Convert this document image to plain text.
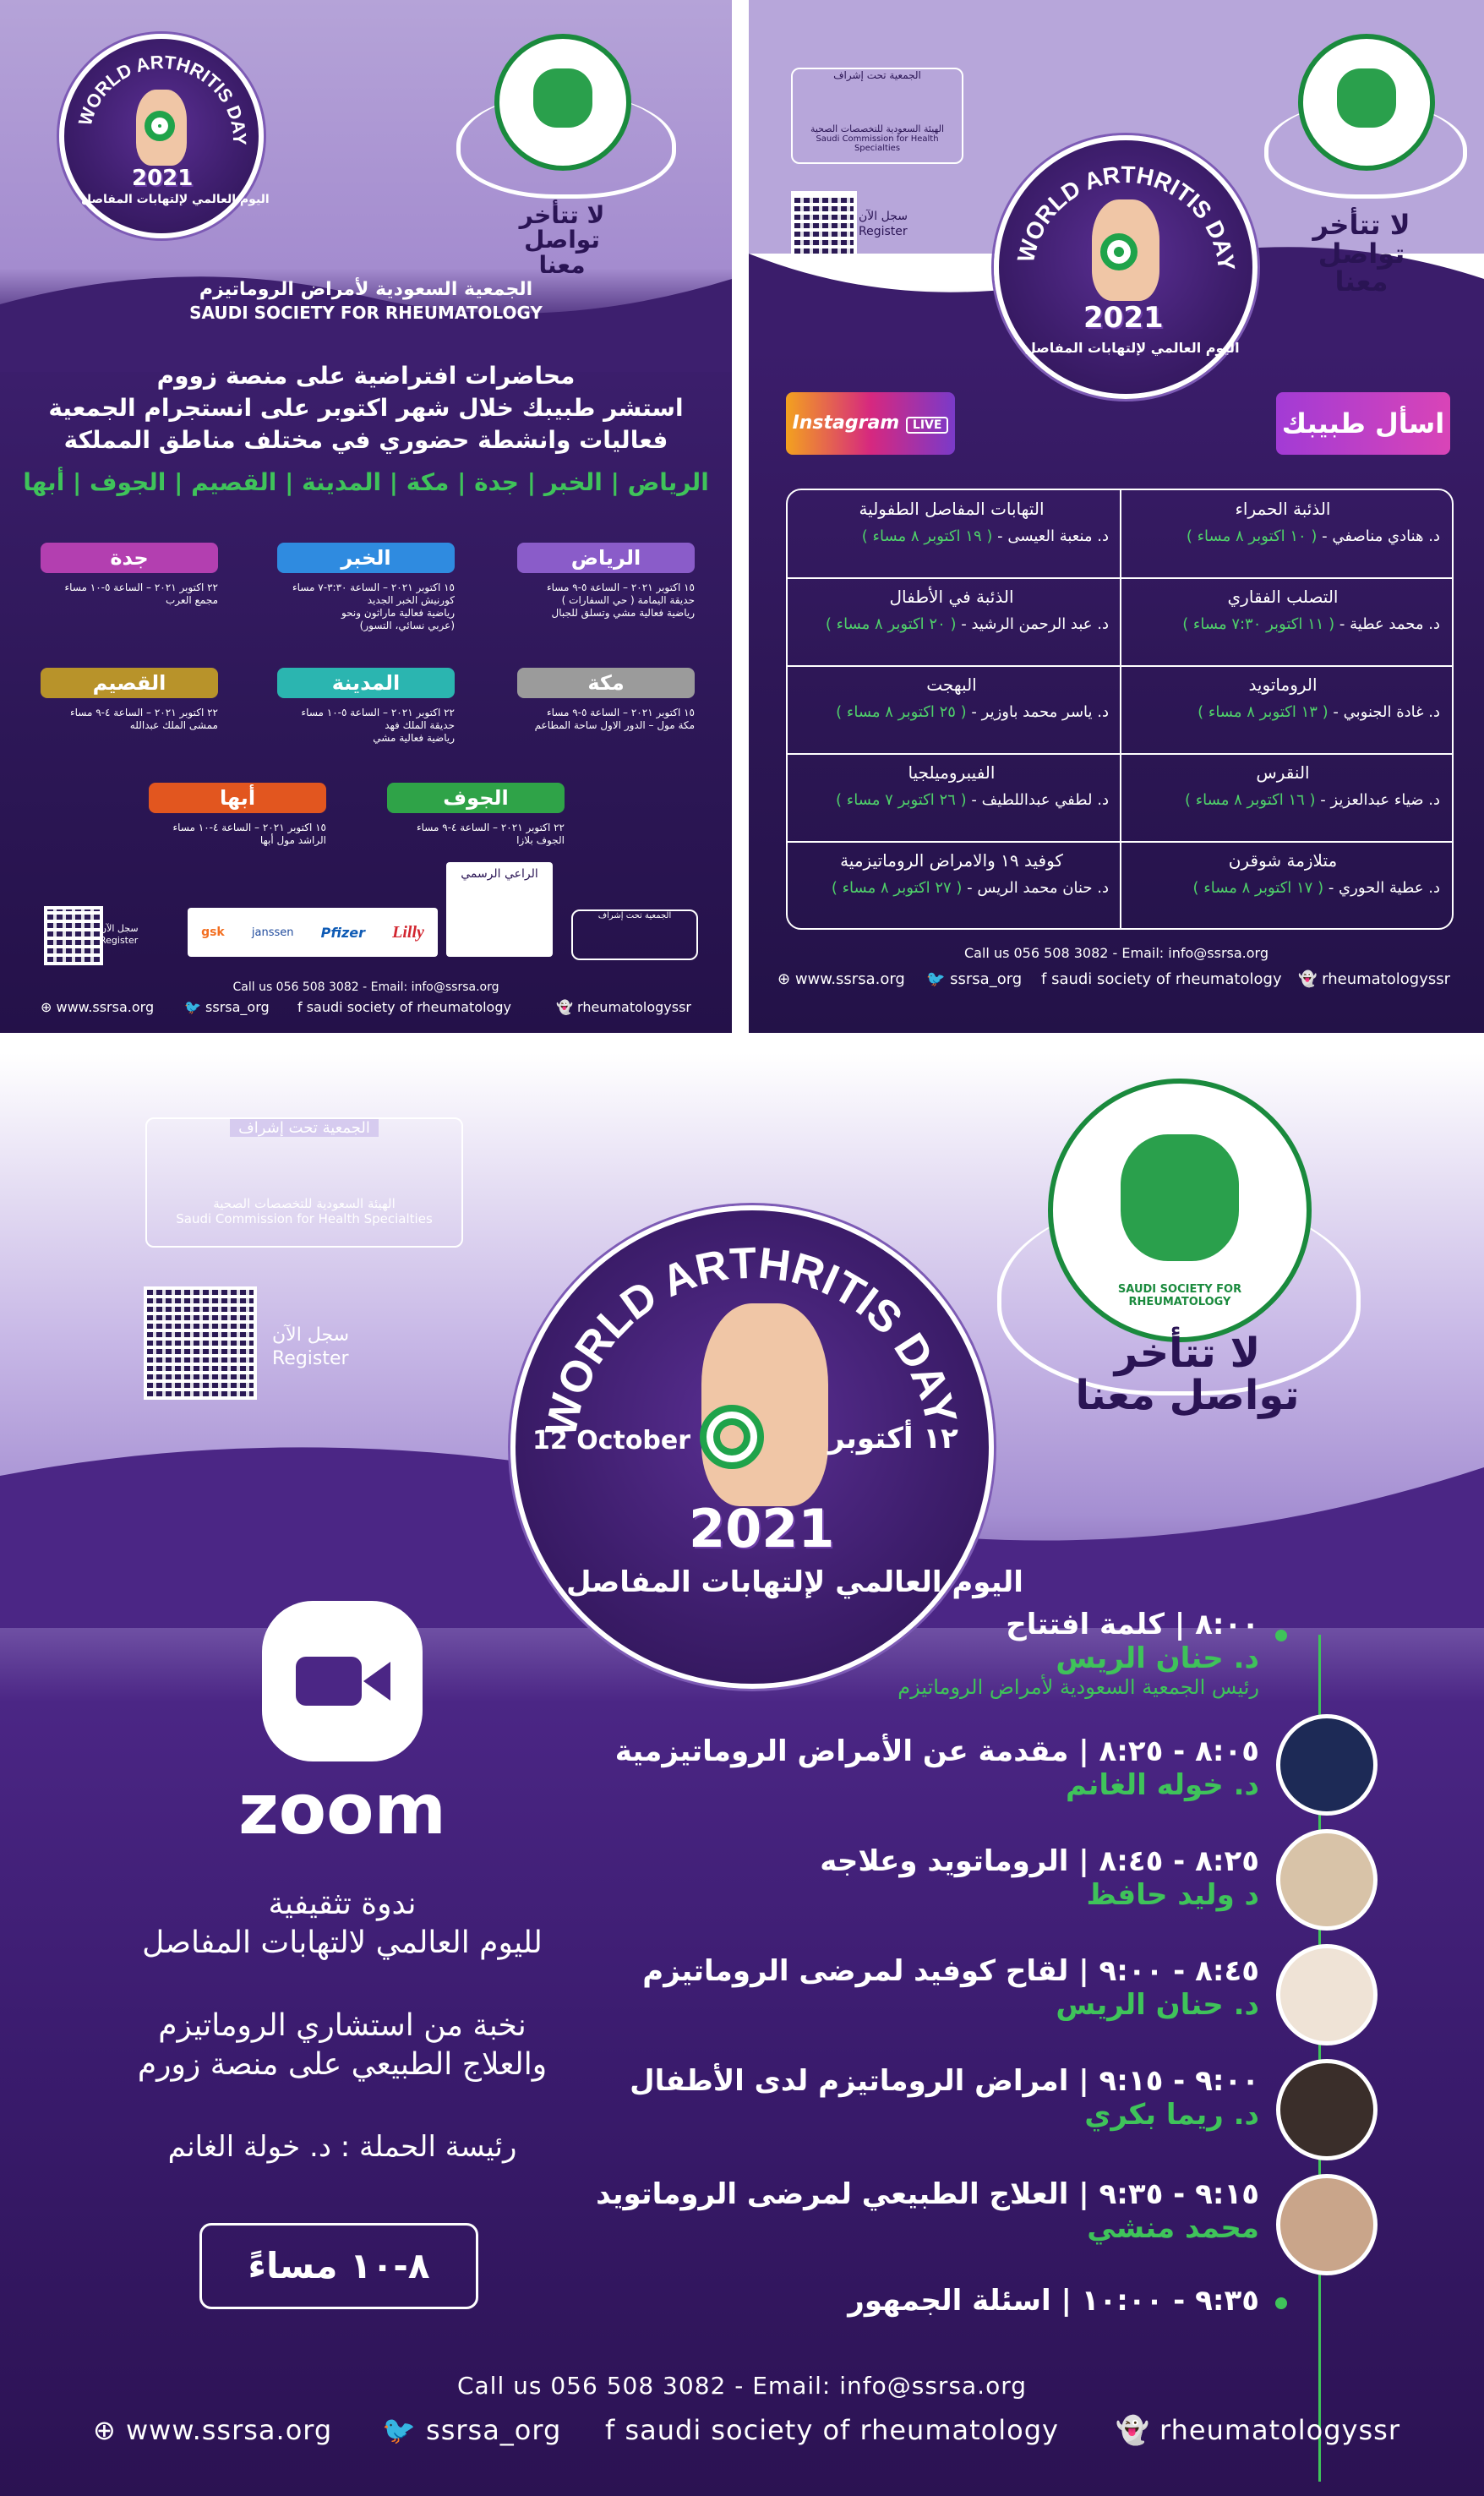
WORLD ARTHRITIS DAY
2021
اليوم العالمي لإلتهابات المفاصل
لا تتأخر
تواصل معنا
الجمعية السعودية لأمراض الروماتيزم
SAUDI SOCIETY FOR RHEUMATOLOGY
محاضرات افتراضية على منصة زووم
استشر طبيبك خلال شهر اكتوبر على انستجرام الجمعية
فعاليات وانشطة حضوري في مختلف مناطق المملكة
الرياض | الخبر | جدة | مكة | المدينة | القصيم | الجوف | أبها
الرياض
١٥ اكتوبر ٢٠٢١ – الساعة ٥-٩ مساء
حديقة اليمامة ( حي السفارات )
رياضية فعالية مشي وتسلق للجبال
الخبر
١٥ اكتوبر ٢٠٢١ – الساعة ٣:٣٠-٧ مساء
كورنيش الخبر الجديد
رياضية فعالية ماراثون ونحو
(عربي نسائي، التسور)
جدة
٢٢ اكتوبر ٢٠٢١ – الساعة ٥-١٠ مساء
مجمع العرب
مكة
١٥ اكتوبر ٢٠٢١ – الساعة ٥-٩ مساء
مكة مول – الدور الاول ساحة المطاعم
المدينة
٢٢ اكتوبر ٢٠٢١ – الساعة ٥-١٠ مساء
حديقة الملك فهد
رياضية فعالية مشي
القصيم
٢٢ اكتوبر ٢٠٢١ – الساعة ٤-٩ مساء
ممشى الملك عبدالله
الجوف
٢٢ اكتوبر ٢٠٢١ – الساعة ٤-٩ مساء
الجوف بلازا
أبها
١٥ اكتوبر ٢٠٢١ – الساعة ٤-١٠ مساء
الراشد مول أبها
سجل الآن
Register
gsk janssen Pfizer Lilly
الراعي الرسمي
الجمعية تحت إشراف
Call us 056 508 3082 - Email: info@ssrsa.org
⊕ www.ssrsa.org 🐦 ssrsa_org f saudi society of rheumatology	👻 rheumatologyssr
الجمعية تحت إشراف
الهيئة السعودية للتخصصات الصحية
Saudi Commission for Health Specialties
سجل الآن
Register
WORLD ARTHRITIS DAY
2021
اليوم العالمي لإلتهابات المفاصل
لا تتأخر
تواصل معنا
Instagram LIVE	اسأل طبيبك
الذئبة الحمراء
د. هنادي مناصفي - ( ١٠ اكتوبر ٨ مساء )
التهابات المفاصل الطفولية
د. منعبة العيسى - ( ١٩ اكتوبر ٨ مساء )
التصلب الفقاري
د. محمد عطية - ( ١١ اكتوبر ٧:٣٠ مساء )
الذئبة في الأطفال
د. عبد الرحمن الرشيد - ( ٢٠ اكتوبر ٨ مساء )
الروماتويد
د. غادة الجنوبي - ( ١٣ اكتوبر ٨ مساء )
البهجت
د. ياسر محمد باوزير - ( ٢٥ اكتوبر ٨ مساء )
النقرس
د. ضياء عبدالعزيز - ( ١٦ اكتوبر ٨ مساء )
الفيبروميلجيا
د. لطفي عبداللطيف - ( ٢٦ اكتوبر ٧ مساء )
متلازمة شوقرن
د. عطية الحوري - ( ١٧ اكتوبر ٨ مساء )
كوفيد ١٩ والامراض الروماتيزمية
د. حنان محمد الريس - ( ٢٧ اكتوبر ٨ مساء )
Call us 056 508 3082 - Email: info@ssrsa.org
⊕ www.ssrsa.org 🐦 ssrsa_org f saudi society of rheumatology 👻 rheumatologyssr
الجمعية تحت إشراف
الهيئة السعودية للتخصصات الصحية
Saudi Commission for Health Specialties
سجل الآن
Register
WORLD ARTHRITIS DAY
12 October	١٢ أكتوبر
2021
اليوم العالمي لإلتهابات المفاصل
SAUDI SOCIETY FOR RHEUMATOLOGY
لا تتأخر
تواصل معنا
zoom
ندوة تثقيفية
لليوم العالمي لالتهابات المفاصل
نخبة من استشاري الروماتيزم
والعلاج الطبيعي على منصة زورم
رئيسة الحملة : د. خولة الغانم
٨-١٠ مساءً
٨:٠٠ | كلمة افتتاح
د. حنان الريس
رئيس الجمعية السعودية لأمراض الروماتيزم
٨:٠٥ - ٨:٢٥ | مقدمة عن الأمراض الروماتيزمية
د. خوله الغانم
٨:٢٥ - ٨:٤٥ | الروماتويد وعلاجه
د وليد حافظ
٨:٤٥ - ٩:٠٠ | لقاح كوفيد لمرضى الروماتيزم
د. حنان الريس
٩:٠٠ - ٩:١٥ | امراض الروماتيزم لدى الأطفال
د. ريما بكري
٩:١٥ - ٩:٣٥ | العلاج الطبيعي لمرضى الروماتويد
محمد منشي
٩:٣٥ - ١٠:٠٠ | اسئلة الجمهور
Call us 056 508 3082 - Email: info@ssrsa.org
⊕ www.ssrsa.org 🐦 ssrsa_org f saudi society of rheumatology 👻 rheumatologyssr
